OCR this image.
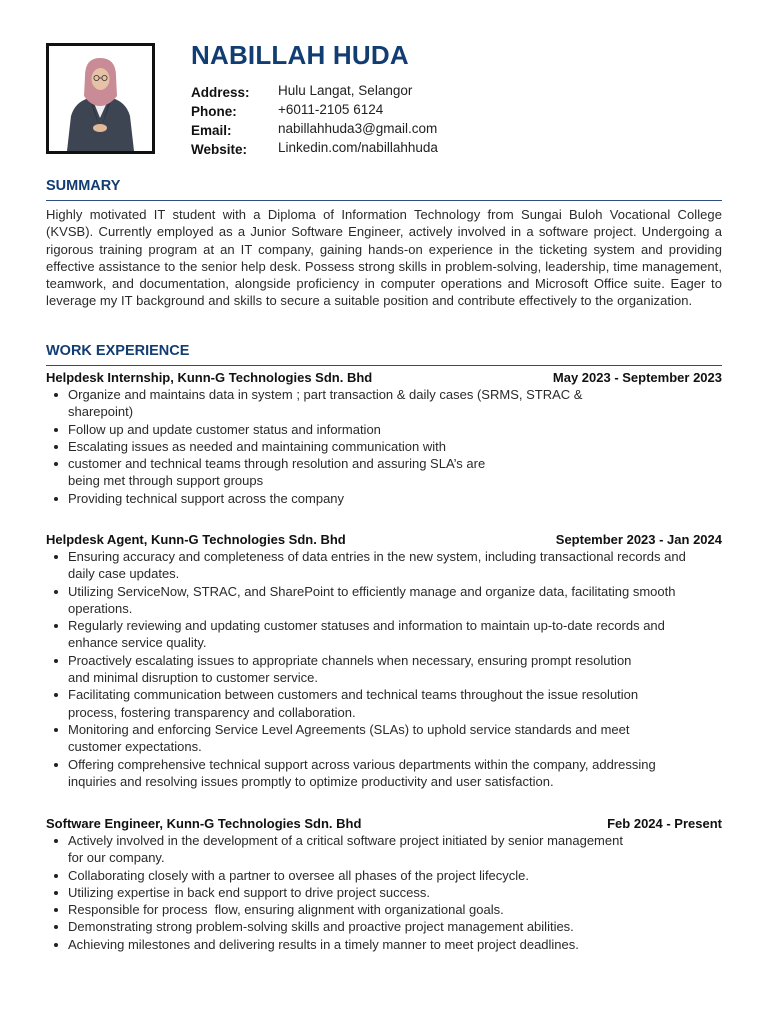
NABILLAH HUDA
Address:	Hulu Langat, Selangor
Phone:	+6011-2105 6124
Email:	nabillahhuda3@gmail.com
Website:	Linkedin.com/nabillahhuda
SUMMARY

Highly motivated IT student with a Diploma of Information Technology from Sungai Buloh Vocational College (KVSB). Currently employed as a Junior Software Engineer, actively involved in a software project. Undergoing a rigorous training program at an IT company, gaining hands-on experience in the ticketing system and providing effective assistance to the senior help desk. Possess strong skills in problem-solving, leadership, time management, teamwork, and documentation, alongside proficiency in computer operations and Microsoft Office suite. Eager to leverage my IT background and skills to secure a suitable position and contribute effectively to the organization.

WORK EXPERIENCE
Helpdesk Internship, Kunn-G Technologies Sdn. Bhd	May 2023 - September 2023
Organize and maintains data in system ; part transaction & daily cases (SRMS, STRAC & sharepoint)
Follow up and update customer status and information
Escalating issues as needed and maintaining communication with
customer and technical teams through resolution and assuring SLA’s are being met through support groups
Providing technical support across the company
Helpdesk Agent, Kunn-G Technologies Sdn. Bhd	September 2023 - Jan 2024
Ensuring accuracy and completeness of data entries in the new system, including transactional records and daily case updates.
Utilizing ServiceNow, STRAC, and SharePoint to efficiently manage and organize data, facilitating smooth operations.
Regularly reviewing and updating customer statuses and information to maintain up-to-date records and enhance service quality.
Proactively escalating issues to appropriate channels when necessary, ensuring prompt resolution and minimal disruption to customer service.
Facilitating communication between customers and technical teams throughout the issue resolution process, fostering transparency and collaboration.
Monitoring and enforcing Service Level Agreements (SLAs) to uphold service standards and meet customer expectations.
Offering comprehensive technical support across various departments within the company, addressing inquiries and resolving issues promptly to optimize productivity and user satisfaction.
Software Engineer, Kunn-G Technologies Sdn. Bhd	Feb 2024 - Present
Actively involved in the development of a critical software project initiated by senior management for our company.
Collaborating closely with a partner to oversee all phases of the project lifecycle.
Utilizing expertise in back end support to drive project success.
Responsible for process  flow, ensuring alignment with organizational goals.
Demonstrating strong problem-solving skills and proactive project management abilities.
Achieving milestones and delivering results in a timely manner to meet project deadlines.
